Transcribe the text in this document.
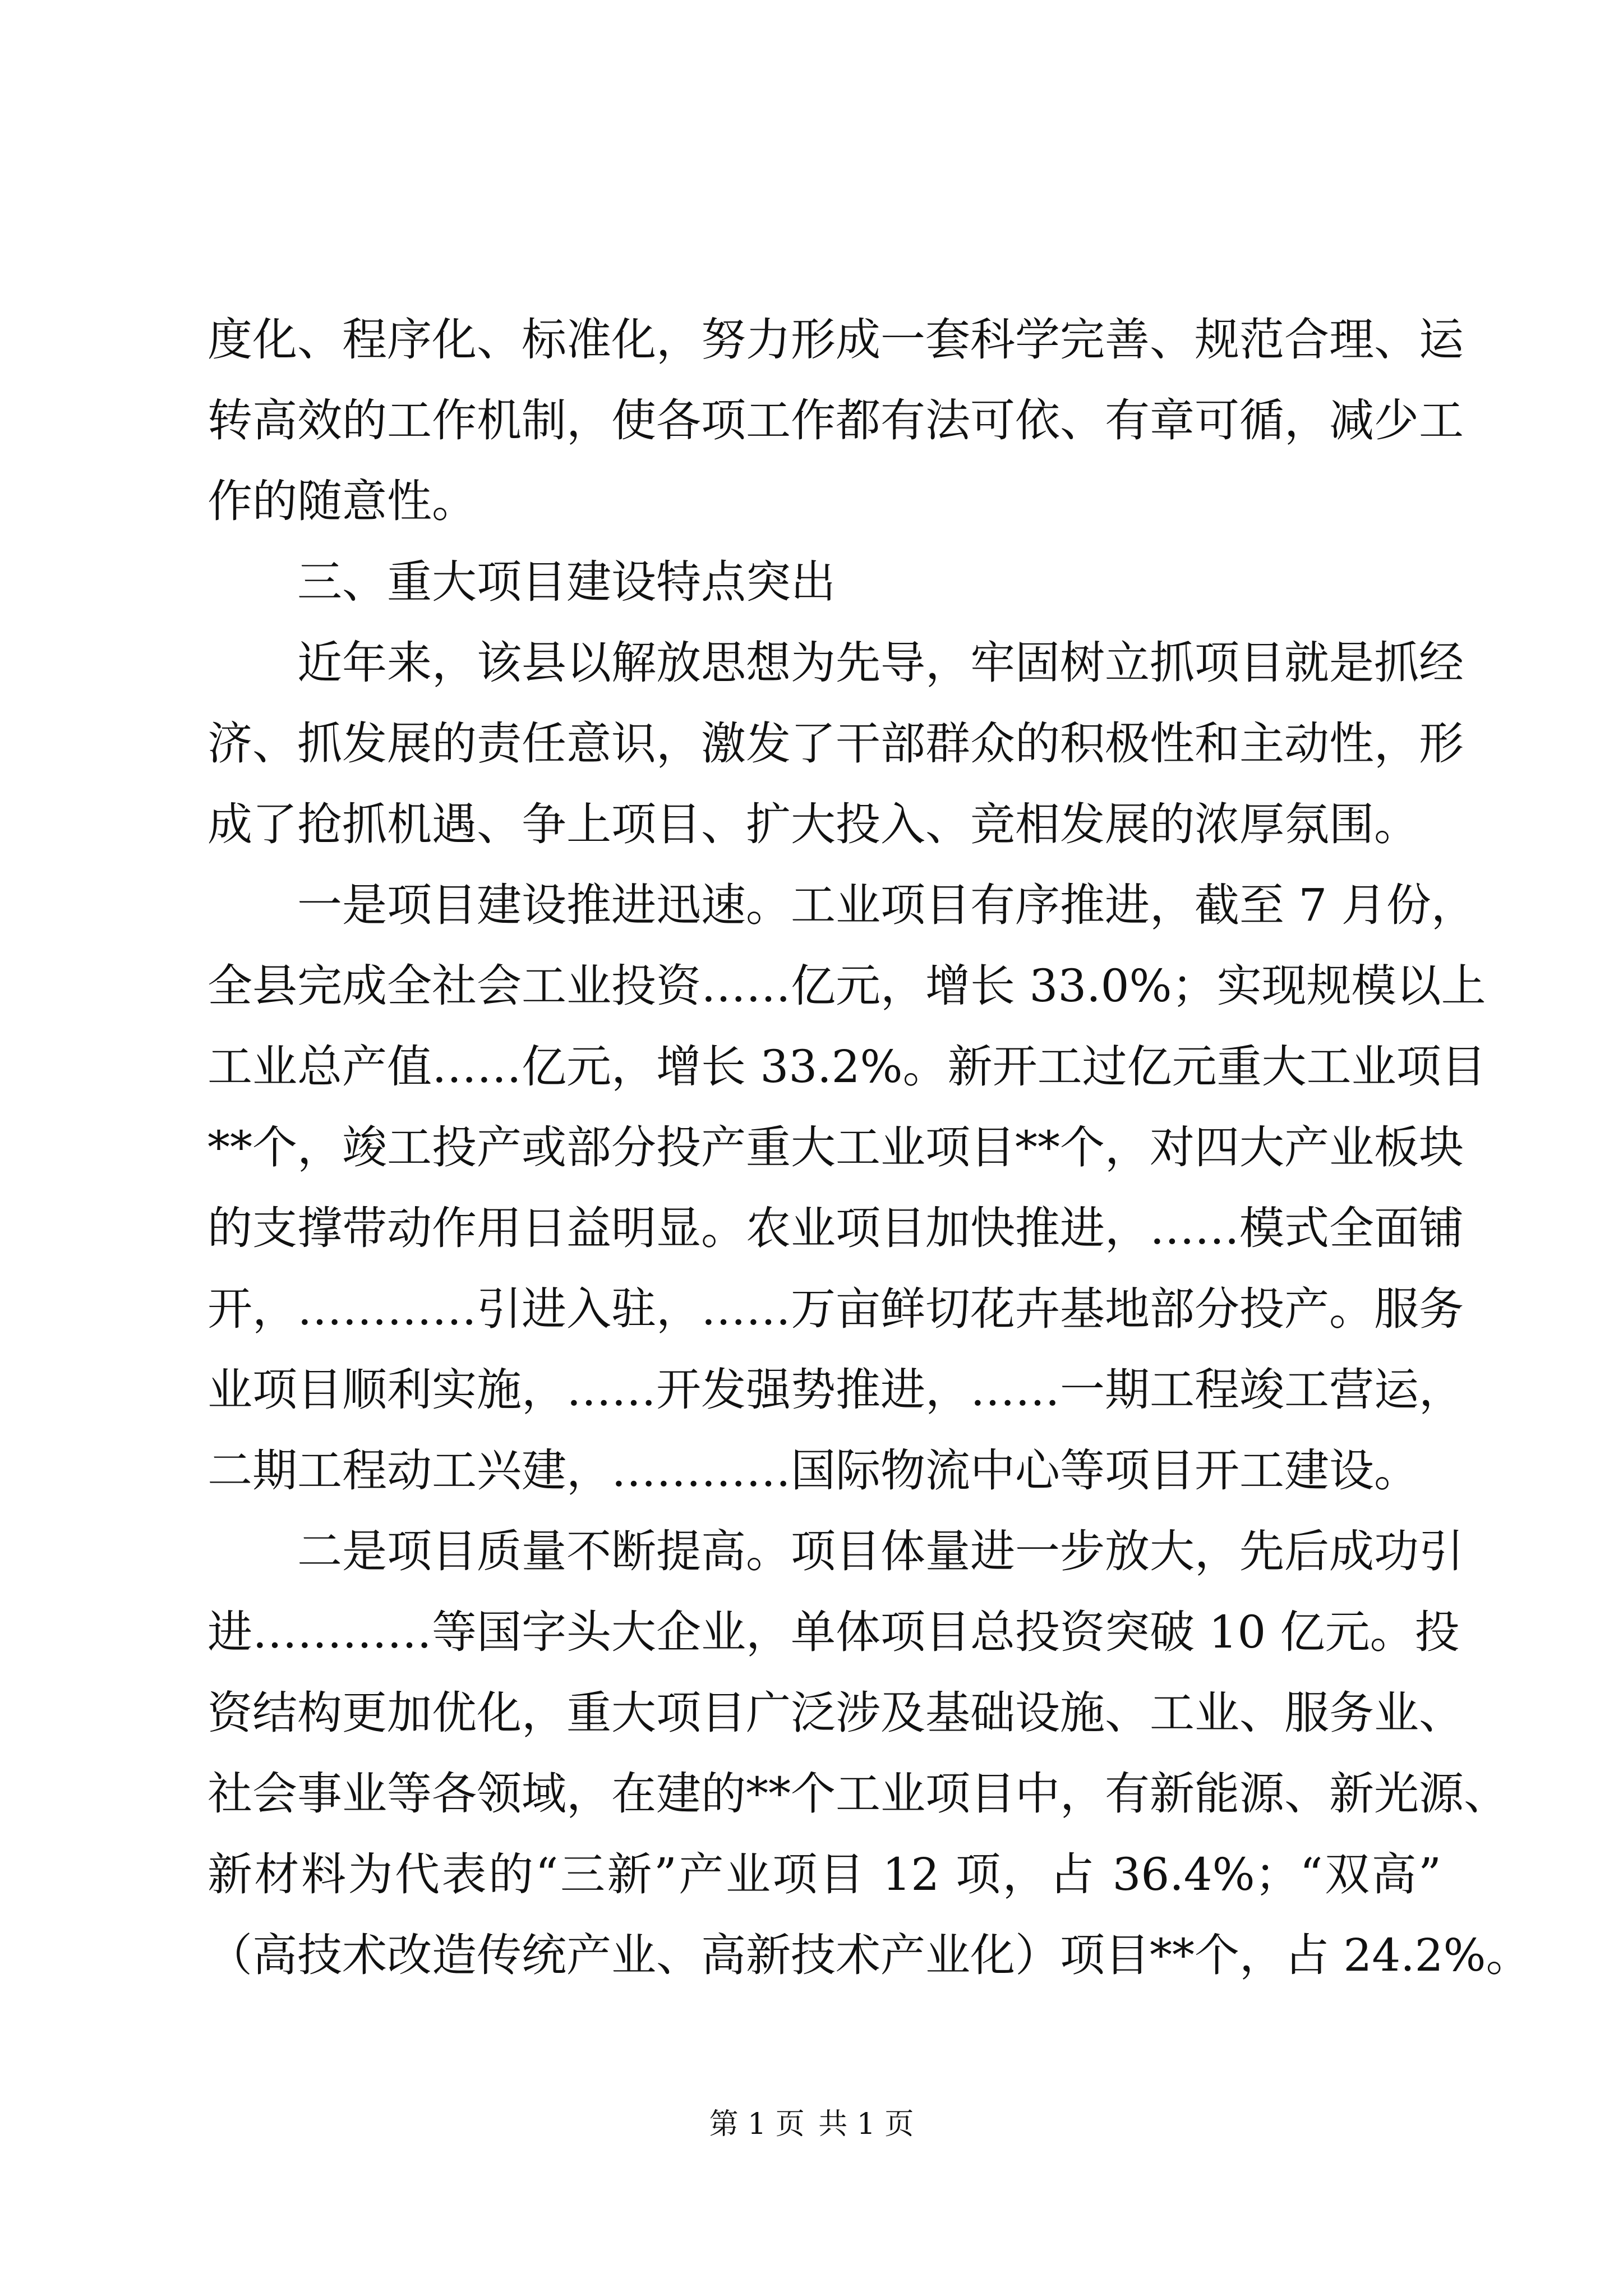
度化、程序化、标准化，努力形成一套科学完善、规范合理、运
转高效的工作机制，使各项工作都有法可依、有章可循，减少工
作的随意性。
三、重大项目建设特点突出
近年来，该县以解放思想为先导，牢固树立抓项目就是抓经
济、抓发展的责任意识，激发了干部群众的积极性和主动性，形
成了抢抓机遇、争上项目、扩大投入、竞相发展的浓厚氛围。
一是项目建设推进迅速。工业项目有序推进，截至 7 月份，
全县完成全社会工业投资……亿元，增长 33.0%；实现规模以上
工业总产值……亿元，增长 33.2%。新开工过亿元重大工业项目
**个，竣工投产或部分投产重大工业项目**个，对四大产业板块
的支撑带动作用日益明显。农业项目加快推进，……模式全面铺
开，…………引进入驻，……万亩鲜切花卉基地部分投产。服务
业项目顺利实施，……开发强势推进，……一期工程竣工营运，
二期工程动工兴建，…………国际物流中心等项目开工建设。
二是项目质量不断提高。项目体量进一步放大，先后成功引
进…………等国字头大企业，单体项目总投资突破 10 亿元。投
资结构更加优化，重大项目广泛涉及基础设施、工业、服务业、
社会事业等各领域，在建的**个工业项目中，有新能源、新光源、
新材料为代表的“三新”产业项目 12 项，占 36.4%；“双高”
（高技术改造传统产业、高新技术产业化）项目**个，占 24.2%。
第 1 页 共 1 页
